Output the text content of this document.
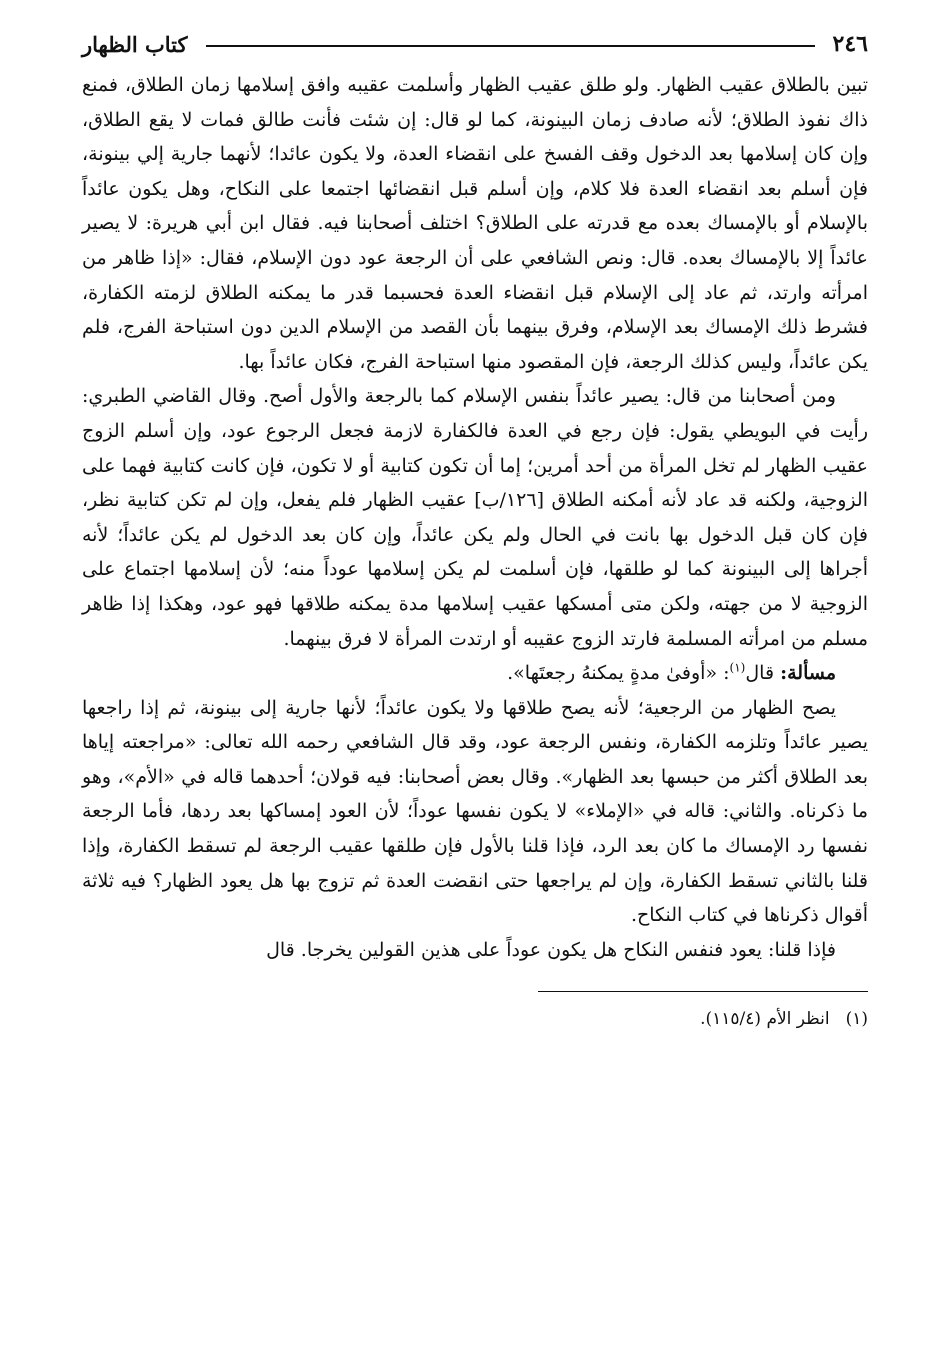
٢٤٦
كتاب الظهار

تبين بالطلاق عقيب الظهار. ولو طلق عقيب الظهار وأسلمت عقيبه وافق إسلامها زمان الطلاق، فمنع ذاك نفوذ الطلاق؛ لأنه صادف زمان البينونة، كما لو قال: إن شئت فأنت طالق فمات لا يقع الطلاق، وإن كان إسلامها بعد الدخول وقف الفسخ على انقضاء العدة، ولا يكون عائدا؛ لأنهما جارية إلي بينونة، فإن أسلم بعد انقضاء العدة فلا كلام، وإن أسلم قبل انقضائها اجتمعا على النكاح، وهل يكون عائداً بالإسلام أو بالإمساك بعده مع قدرته على الطلاق؟ اختلف أصحابنا فيه. فقال ابن أبي هريرة: لا يصير عائداً إلا بالإمساك بعده. قال: ونص الشافعي على أن الرجعة عود دون الإسلام، فقال: «إذا ظاهر من امرأته وارتد، ثم عاد إلى الإسلام قبل انقضاء العدة فحسبما قدر ما يمكنه الطلاق لزمته الكفارة، فشرط ذلك الإمساك بعد الإسلام، وفرق بينهما بأن القصد من الإسلام الدين دون استباحة الفرج، فلم يكن عائداً، وليس كذلك الرجعة، فإن المقصود منها استباحة الفرج، فكان عائداً بها.

ومن أصحابنا من قال: يصير عائداً بنفس الإسلام كما بالرجعة والأول أصح. وقال القاضي الطبري: رأيت في البويطي يقول: فإن رجع في العدة فالكفارة لازمة فجعل الرجوع عود، وإن أسلم الزوج عقيب الظهار لم تخل المرأة من أحد أمرين؛ إما أن تكون كتابية أو لا تكون، فإن كانت كتابية فهما على الزوجية، ولكنه قد عاد لأنه أمكنه الطلاق [١٢٦/ب] عقيب الظهار فلم يفعل، وإن لم تكن كتابية نظر، فإن كان قبل الدخول بها بانت في الحال ولم يكن عائداً، وإن كان بعد الدخول لم يكن عائداً؛ لأنه أجراها إلى البينونة كما لو طلقها، فإن أسلمت لم يكن إسلامها عوداً منه؛ لأن إسلامها اجتماع على الزوجية لا من جهته، ولكن متى أمسكها عقيب إسلامها مدة يمكنه طلاقها فهو عود، وهكذا إذا ظاهر مسلم من امرأته المسلمة فارتد الزوج عقيبه أو ارتدت المرأة لا فرق بينهما.

مسألة: قال$^{(١)}$: «أوفىٰ مدةٍ يمكنهُ رجعتَها».

يصح الظهار من الرجعية؛ لأنه يصح طلاقها ولا يكون عائداً؛ لأنها جارية إلى بينونة، ثم إذا راجعها يصير عائداً وتلزمه الكفارة، ونفس الرجعة عود، وقد قال الشافعي رحمه الله تعالى: «مراجعته إياها بعد الطلاق أكثر من حبسها بعد الظهار». وقال بعض أصحابنا: فيه قولان؛ أحدهما قاله في «الأم»، وهو ما ذكرناه. والثاني: قاله في «الإملاء» لا يكون نفسها عوداً؛ لأن العود إمساكها بعد ردها، فأما الرجعة نفسها رد الإمساك ما كان بعد الرد، فإذا قلنا بالأول فإن طلقها عقيب الرجعة لم تسقط الكفارة، وإذا قلنا بالثاني تسقط الكفارة، وإن لم يراجعها حتى انقضت العدة ثم تزوج بها هل يعود الظهار؟ فيه ثلاثة أقوال ذكرناها في كتاب النكاح.

فإذا قلنا: يعود فنفس النكاح هل يكون عوداً على هذين القولين يخرجا. قال

(١)انظر الأم (١١٥/٤).
